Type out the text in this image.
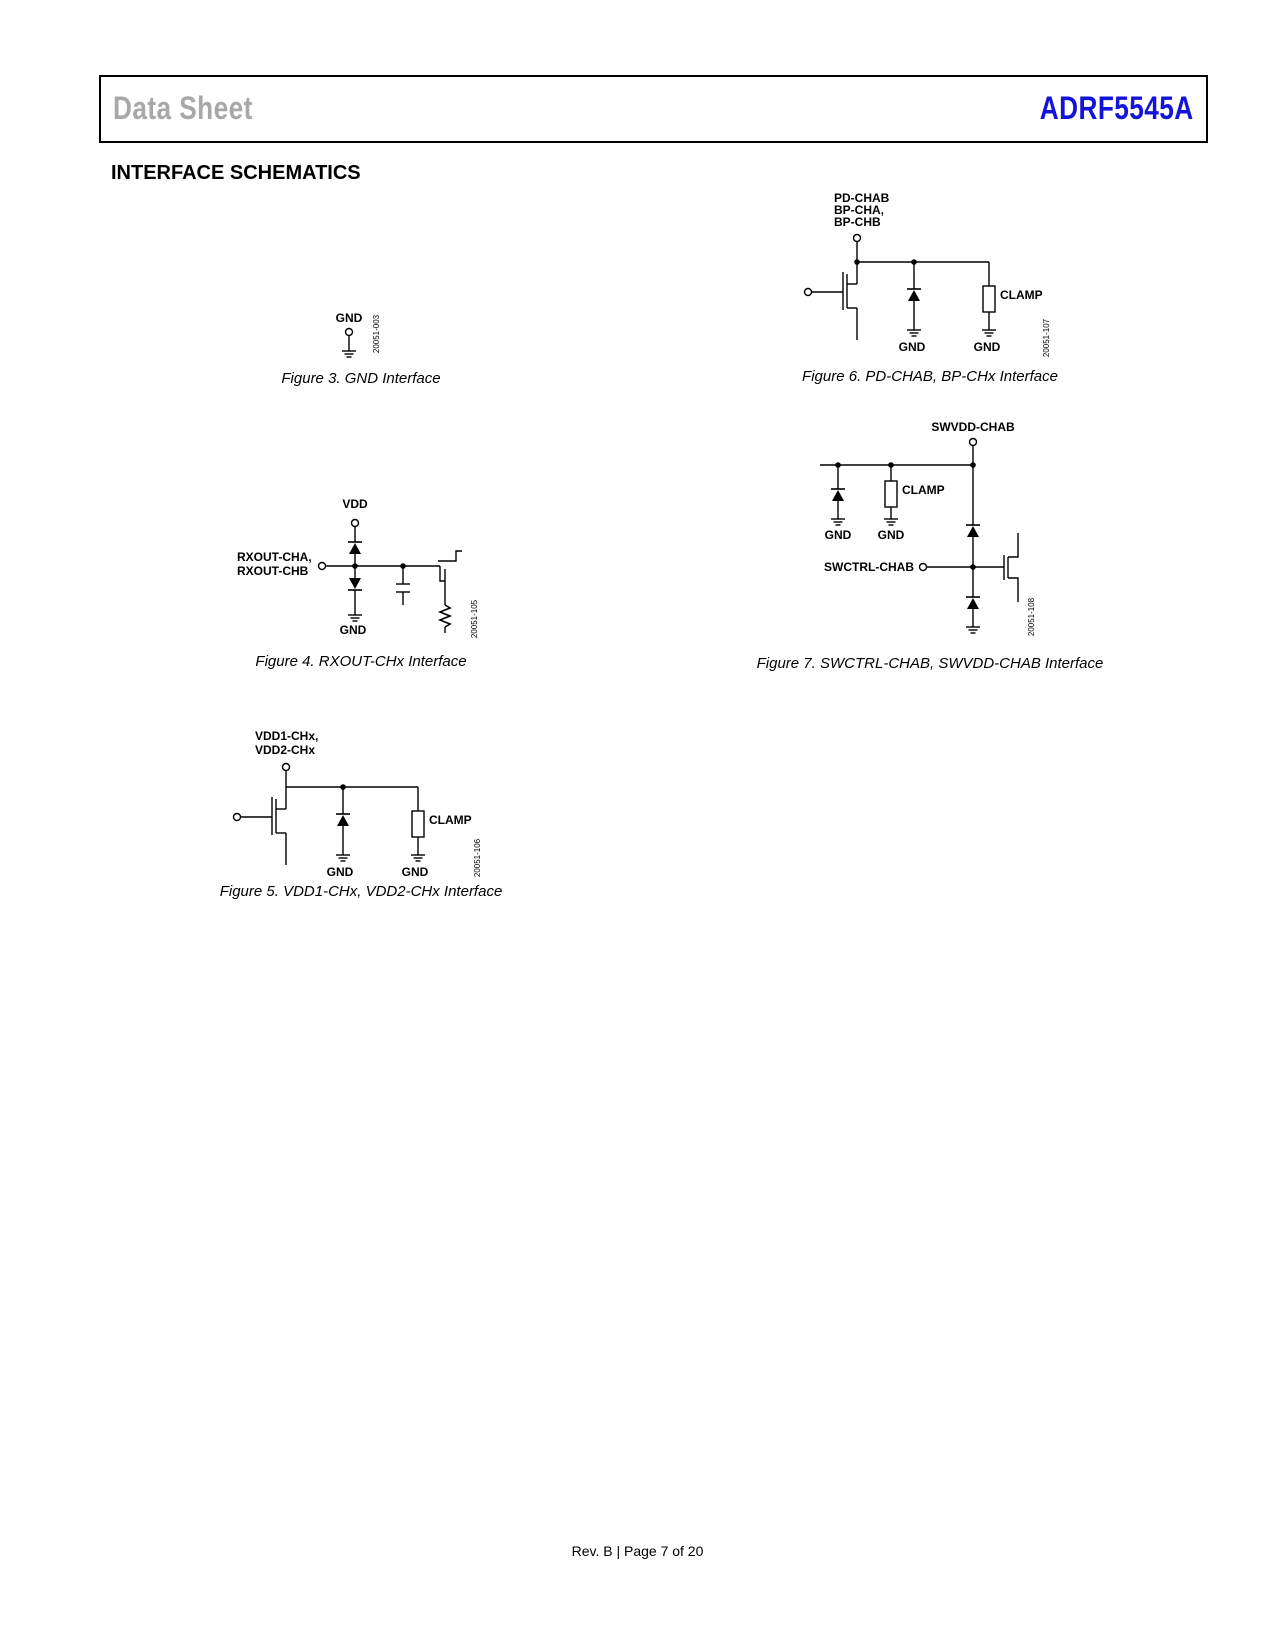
Data Sheet	ADRF5545A
INTERFACE SCHEMATICS
GND 20051-003
Figure 3. GND Interface
VDD
RXOUT-CHA,
RXOUT-CHB
GND	20051-105
Figure 4. RXOUT-CHx Interface
VDD1-CHx,
VDD2-CHx
CLAMP
GND	GND	20051-106
Figure 5. VDD1-CHx, VDD2-CHx Interface
PD-CHAB
BP-CHA,
BP-CHB
CLAMP
GND	GND	20051-107
Figure 6. PD-CHAB, BP-CHx Interface
SWVDD-CHAB
SWCTRL-CHAB
CLAMP
GND GND
20051-108
Figure 7. SWCTRL-CHAB, SWVDD-CHAB Interface
Rev. B | Page 7 of 20
